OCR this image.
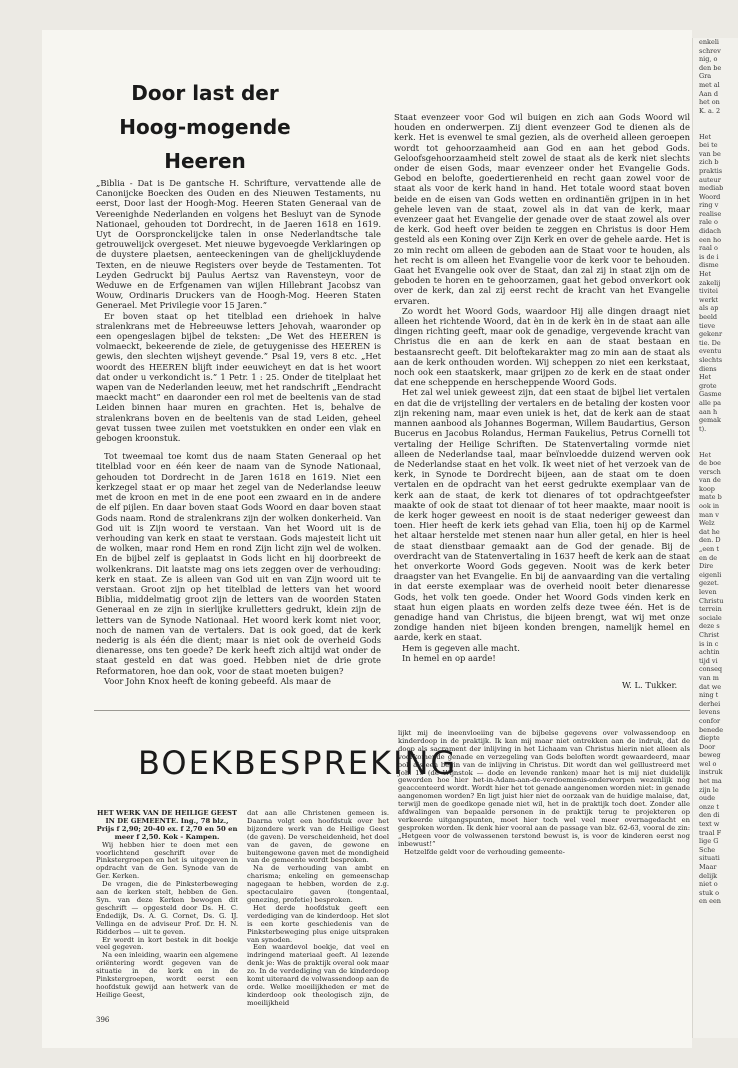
Door last der
Hoog-mogende Heeren

„Biblia - Dat is De gantsche H. Schrifture, vervattende alle de Canonijcke Boecken des Ouden en des Nieuwen Testaments, nu eerst, Door last der Hoogh-Mog. Heeren Staten Generaal van de Vereenighde Nederlanden en volgens het Besluyt van de Synode Nationael, gehouden tot Dordrecht, in de Jaeren 1618 en 1619. Uyt de Oorspronckelijcke talen in onse Nederlandtsche tale getrouwelijck overgeset. Met nieuwe bygevoegde Verklaringen op de duystere plaetsen, aenteeckeningen van de ghelijckluydende Texten, en de nieuwe Registers over beyde de Testamenten. Tot Leyden Gedruckt bij Paulus Aertsz van Ravensteyn, voor de Weduwe en de Erfgenamen van wijlen Hillebrant Jacobsz van Wouw, Ordinaris Druckers van de Hoogh-Mog. Heeren Staten Generael. Met Privilegie voor 15 Jaren.”

Er boven staat op het titelblad een driehoek in halve stralenkrans met de Hebreeuwse letters Jehovah, waaronder op een opengeslagen bijbel de teksten: „De Wet des HEEREN is volmaeckt, bekeerende de ziele, de getuygenisse des HEEREN is gewis, den slechten wijsheyt gevende.” Psal 19, vers 8 etc. „Het woordt des HEEREN blijft inder eeuwicheyt en dat is het woort dat onder u verkondicht is.” 1 Petr. 1 : 25. Onder de titelplaat het wapen van de Nederlanden leeuw, met het randschrift „Eendracht maeckt macht” en daaronder een rol met de beeltenis van de stad Leiden binnen haar muren en grachten. Het is, behalve de stralenkrans boven en de beeltenis van de stad Leiden, geheel gevat tussen twee zuilen met voetstukken en onder een vlak en gebogen kroonstuk.

Tot tweemaal toe komt dus de naam Staten Generaal op het titelblad voor en één keer de naam van de Synode Nationaal, gehouden tot Dordrecht in de Jaren 1618 en 1619. Niet een kerkzegel staat er op maar het zegel van de Nederlandse leeuw met de kroon en met in de ene poot een zwaard en in de andere de elf pijlen. En daar boven staat Gods Woord en daar boven staat Gods naam. Rond de stralenkrans zijn der wolken donkerheid. Van God uit is Zijn woord te verstaan. Van het Woord uit is de verhouding van kerk en staat te verstaan. Gods majesteit licht uit de wolken, maar rond Hem en rond Zijn licht zijn wel de wolken. En de bijbel zelf is geplaatst in Gods licht en hij doorbreekt de wolkenkrans. Dit laatste mag ons iets zeggen over de verhouding: kerk en staat. Ze is alleen van God uit en van Zijn woord uit te verstaan. Groot zijn op het titelblad de letters van het woord Biblia, middelmatig groot zijn de letters van de woorden Staten Generaal en ze zijn in sierlijke krulletters gedrukt, klein zijn de letters van de Synode Nationaal. Het woord kerk komt niet voor, noch de namen van de vertalers. Dat is ook goed, dat de kerk nederig is als één die dient; maar is niet ook de overheid Gods dienaresse, ons ten goede? De kerk heeft zich altijd wat onder de staat gesteld en dat was goed. Hebben niet de drie grote Reformatoren, hoe dan ook, voor de staat moeten buigen?

Voor John Knox heeft de koning gebeefd. Als maar de

Staat evenzeer voor God wil buigen en zich aan Gods Woord wil houden en onderwerpen. Zij dient evenzeer God te dienen als de kerk. Het is evenwel te smal gezien, als de overheid alleen geroepen wordt tot gehoorzaamheid aan God en aan het gebod Gods. Geloofsgehoorzaamheid stelt zowel de staat als de kerk niet slechts onder de eisen Gods, maar evenzeer onder het Evangelie Gods. Gebod en belofte, goedertierenheid en recht gaan zowel voor de staat als voor de kerk hand in hand. Het totale woord staat boven beide en de eisen van Gods wetten en ordinantiën grijpen in in het gehele leven van de staat, zowel als in dat van de kerk, maar evenzeer gaat het Evangelie der genade over de staat zowel als over de kerk. God heeft over beiden te zeggen en Christus is door Hem gesteld als een Koning over Zijn Kerk en over de gehele aarde. Het is zo min recht om alleen de geboden aan de Staat voor te houden, als het recht is om alleen het Evangelie voor de kerk voor te behouden. Gaat het Evangelie ook over de Staat, dan zal zij in staat zijn om de geboden te horen en te gehoorzamen, gaat het gebod onverkort ook over de kerk, dan zal zij eerst recht de kracht van het Evangelie ervaren.

Zo wordt het Woord Gods, waardoor Hij alle dingen draagt niet alleen het richtende Woord, dat èn in de kerk èn in de staat aan alle dingen richting geeft, maar ook de genadige, vergevende kracht van Christus die en aan de kerk en aan de staat bestaan en bestaansrecht geeft. Dit beloftekarakter mag zo min aan de staat als aan de kerk onthouden worden. Wij scheppen zo niet een kerkstaat, noch ook een staatskerk, maar grijpen zo de kerk en de staat onder dat ene scheppende en herscheppende Woord Gods.

Het zal wel uniek geweest zijn, dat een staat de bijbel liet vertalen en dat die de vrijstelling der vertalers en de betaling der kosten voor zijn rekening nam, maar even uniek is het, dat de kerk aan de staat mannen aanbood als Johannes Bogerman, Willem Baudartius, Gerson Bucerus en Jacobus Rolandus, Herman Faukelius, Petrus Cornelli tot vertaling der Heilige Schriften. De Statenvertaling vormde niet alleen de Nederlandse taal, maar beïnvloedde duizend werven ook de Nederlandse staat en het volk. Ik weet niet of het verzoek van de kerk, in Synode te Dordrecht bijeen, aan de staat om te doen vertalen en de opdracht van het eerst gedrukte exemplaar van de kerk aan de staat, de kerk tot dienares of tot opdrachtgeefster maakte of ook de staat tot dienaar of tot heer maakte, maar nooit is de kerk hoger geweest en nooit is de staat nederiger geweest dan toen. Hier heeft de kerk iets gehad van Elia, toen hij op de Karmel het altaar herstelde met stenen naar hun aller getal, en hier is heel de staat dienstbaar gemaakt aan de God der genade. Bij de overdracht van de Statenvertaling in 1637 heeft de kerk aan de staat het onverkorte Woord Gods gegeven. Nooit was de kerk beter draagster van het Evangelie. En bij de aanvaarding van die vertaling in dat eerste exemplaar was de overheid nooit beter dienaresse Gods, het volk ten goede. Onder het Woord Gods vinden kerk en staat hun eigen plaats en worden zelfs deze twee één. Het is de genadige hand van Christus, die bijeen brengt, wat wij met onze zondige handen niet bijeen konden brengen, namelijk hemel en aarde, kerk en staat.

Hem is gegeven alle macht.

In hemel en op aarde!

W. L. Tukker.
BOEKBESPREKING

HET WERK VAN DE HEILIGE GEEST IN DE GEMEENTE. Ing., 78 blz., Prijs f 2,90; 20-40 ex. f 2,70 en 50 en meer f 2,50. Kok - Kampen.

Wij hebben hier te doen met een voorlichtend geschrift over de Pinkstergroepen en het is uitgegeven in opdracht van de Gen. Synode van de Ger. Kerken.

De vragen, die de Pinksterbeweging aan de kerken stelt, hebben de Gen. Syn. van deze Kerken bewogen dit geschrift — opgesteld door Ds. H. C. Endedijk, Ds. A. G. Cornet, Ds. G. IJ. Vellinga en de adviseur Prof. Dr. H. N. Ridderbos — uit te geven.

Er wordt in kort bestek in dit boekje veel gegeven.

Na een inleiding, waarin een algemene oriëntering wordt gegeven van de situatie in de kerk en in de Pinkstergroepen, wordt eerst een hoofdstuk gewijd aan hetwerk van de Heilige Geest,

dat aan alle Christenen gemeen is. Daarna volgt een hoofdstuk over het bijzondere werk van de Heilige Geest (de gaven). De verscheidenheid, het doel van de gaven, de gewone en buitengewone gaven met de mondigheid van de gemeente wordt besproken.

Na de verhouding van ambt en charisma; enkeling en gemeenschap nagegaan te hebben, worden de z.g. spectaculaire gaven (tongentaal, genezing, profetie) besproken.

Het derde hoofdstuk geeft een verdediging van de kinderdoop. Het slot is een korte geschiedenis van de Pinksterbeweging plus enige uitspraken van synoden.

Een waardevol boekje, dat veel en indringend materiaal geeft. Al lezende denk je: Was de praktijk overal ook maar zo. In de verdediging van de kinderdoop komt uiteraard de volwassendoop aan de orde. Welke moeilijkheden er met de kinderdoop ook theologisch zijn, de moeilijkheid

lijkt mij de ineenvloeiing van de bijbelse gegevens over volwassendoop en kinderdoop in de praktijk. Ik kan mij maar niet ontrekken aan de indruk, dat de doop als sacrament der inlijving in het Lichaam van Christus hierin niet alleen als voorkomende genade en verzegeling van Gods beloften wordt gewaardeerd, maar ook als een begin van de inlijving in Christus. Dit wordt dan wel geïllustreerd met Joh. 15 (de Wijnstok — dode en levende ranken) maar het is mij niet duidelijk geworden hoe hier het-in-Adam-aan-de-verdoemenis-onderworpen wezenlijk nog geaccenteerd wordt. Wordt hier het tot genade aangenomen worden niet: in genade aangenomen worden? En ligt juist hier niet de oorzaak van de huidige malaise, dat, terwijl men de goedkope genade niet wil, het in de praktijk toch doet. Zonder alle afdwalingen van bepaalde personen in de praktijk terug te projekteren op verkeerde uitgangspunten, moet hier toch wel veel meer overnagedacht en gesproken worden. Ik denk hier vooral aan de passage van blz. 62-63, vooral de zin: „Hetgeen voor de volwassenen terstond bewust is, is voor de kinderen eerst nog inbewust!”

Hetzelfde geldt voor de verhouding gemeente-

396
enkeli
schrev
nig, o
den be
Gra
met al
Aan d
het on
K. a. 2

Het
bei te
van be
zich b
praktis
auteur
mediab
Woord
ring v
realise
rale o
didach
een ho
raal o
is de i
disme
Het
zakelij
tivitei
werkt
als ap
beeld
tieve
gekenr
tie. De
eventu
slechts
diens
Het
grote
Gasme
alle pa
aan h
gemak
t).

Het
de boe
versch
van de
koop
mate b
ook in
man v
Welz
dat he
den. D
„een t
en de
Dire
eigenli
gezet.
leven
Christu
terrein
sociale
deze s
Christ
is in c
achtin
tijd vi
conseq
van m
dat we
ning t
derhei
levens
confor
benede
diepte
Door
beweg
wel o
instruk
het ma
zijn le
oude
onze t
den di
text w
traal F
lige G
Sche
situati
Maar
delijk
niet o
stuk o
en een
